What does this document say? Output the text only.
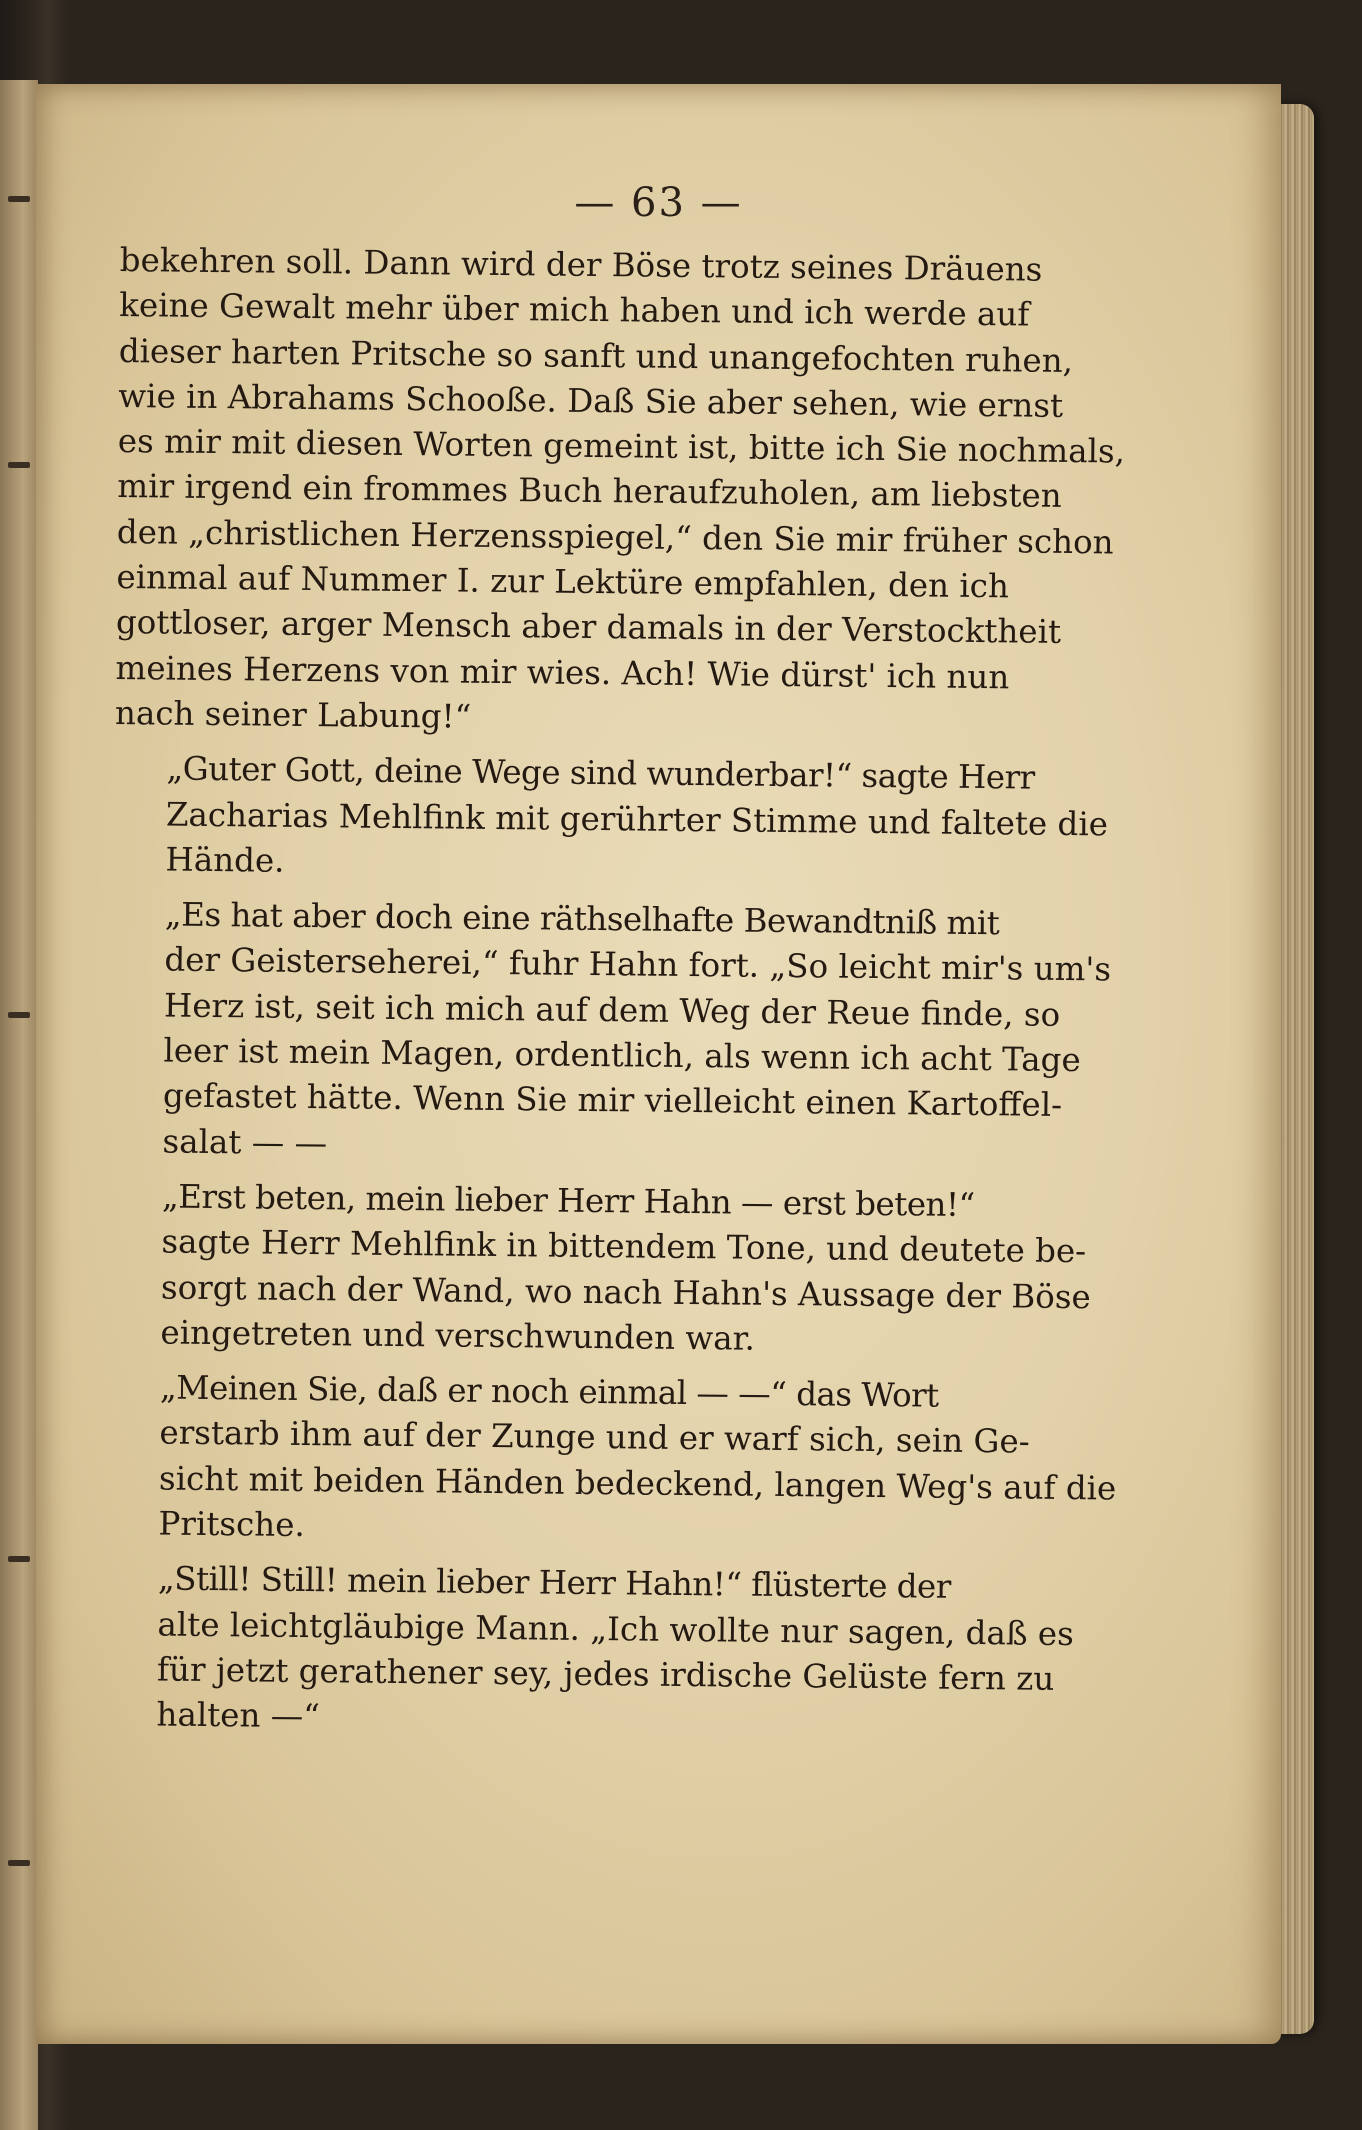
— 63 —
bekehren soll. Dann wird der Böse trotz seines Dräuens
keine Gewalt mehr über mich haben und ich werde auf
dieser harten Pritsche so sanft und unangefochten ruhen,
wie in Abrahams Schooße. Daß Sie aber sehen, wie ernst
es mir mit diesen Worten gemeint ist, bitte ich Sie nochmals,
mir irgend ein frommes Buch heraufzuholen, am liebsten
den „christlichen Herzensspiegel,“ den Sie mir früher schon
einmal auf Nummer I. zur Lektüre empfahlen, den ich
gottloser, arger Mensch aber damals in der Verstocktheit
meines Herzens von mir wies. Ach! Wie dürst' ich nun
nach seiner Labung!“
„Guter Gott, deine Wege sind wunderbar!“ sagte Herr
Zacharias Mehlfink mit gerührter Stimme und faltete die
Hände.
„Es hat aber doch eine räthselhafte Bewandtniß mit
der Geisterseherei,“ fuhr Hahn fort. „So leicht mir's um's
Herz ist, seit ich mich auf dem Weg der Reue finde, so
leer ist mein Magen, ordentlich, als wenn ich acht Tage
gefastet hätte. Wenn Sie mir vielleicht einen Kartoffel-
salat — —
„Erst beten, mein lieber Herr Hahn — erst beten!“
sagte Herr Mehlfink in bittendem Tone, und deutete be-
sorgt nach der Wand, wo nach Hahn's Aussage der Böse
eingetreten und verschwunden war.
„Meinen Sie, daß er noch einmal — —“ das Wort
erstarb ihm auf der Zunge und er warf sich, sein Ge-
sicht mit beiden Händen bedeckend, langen Weg's auf die
Pritsche.
„Still! Still! mein lieber Herr Hahn!“ flüsterte der
alte leichtgläubige Mann. „Ich wollte nur sagen, daß es
für jetzt gerathener sey, jedes irdische Gelüste fern zu
halten —“
